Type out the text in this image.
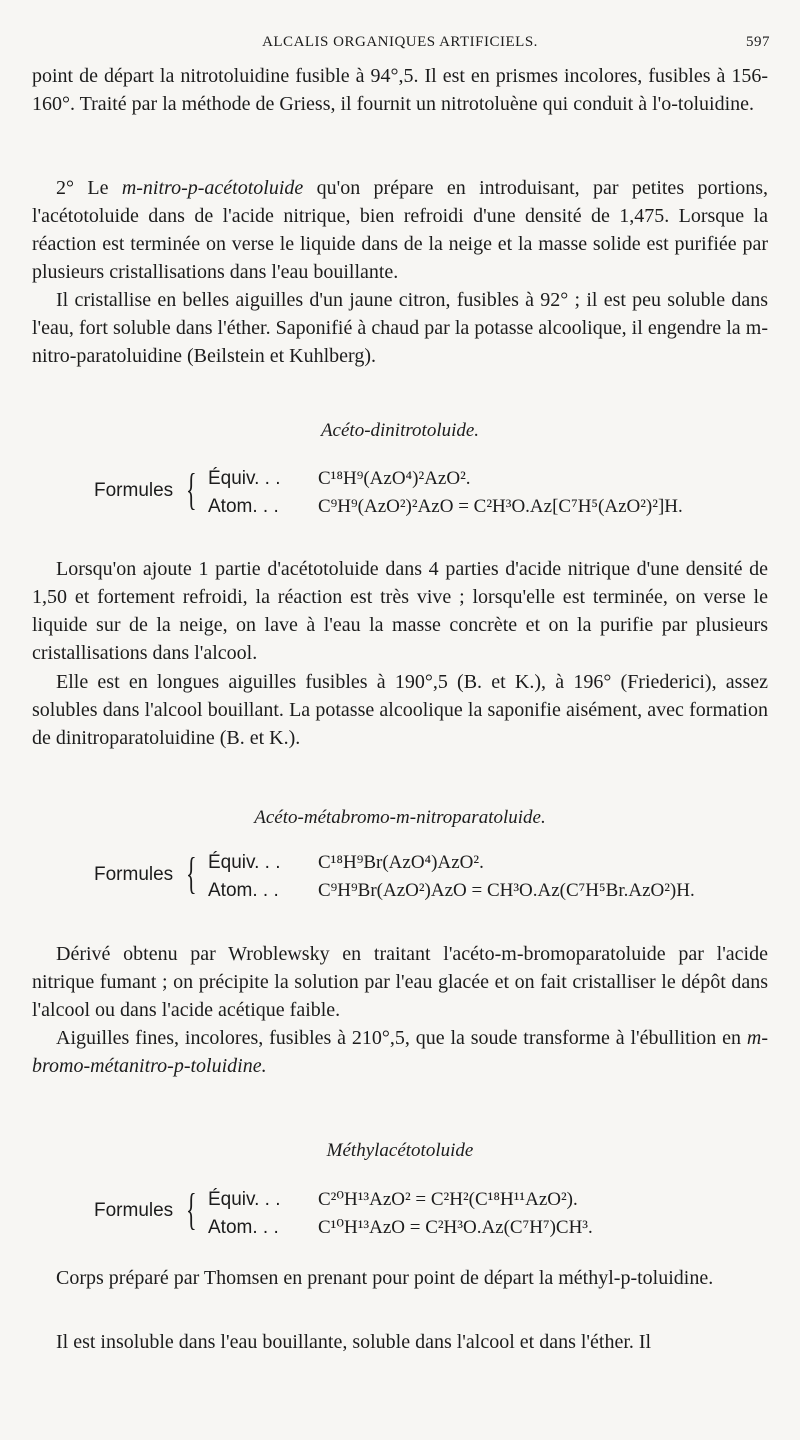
ALCALIS ORGANIQUES ARTIFICIELS.	597

point de départ la nitrotoluidine fusible à 94°,5. Il est en prismes incolores, fusibles à 156-160°. Traité par la méthode de Griess, il fournit un nitrotoluène qui conduit à l'o-toluidine.

2° Le m-nitro-p-acétotoluide qu'on prépare en introduisant, par petites portions, l'acétotoluide dans de l'acide nitrique, bien refroidi d'une densité de 1,475. Lorsque la réaction est terminée on verse le liquide dans de la neige et la masse solide est purifiée par plusieurs cristallisations dans l'eau bouillante.

Il cristallise en belles aiguilles d'un jaune citron, fusibles à 92° ; il est peu soluble dans l'eau, fort soluble dans l'éther. Saponifié à chaud par la potasse alcoolique, il engendre la m-nitro-paratoluidine (Beilstein et Kuhlberg).

Acéto-dinitrotoluide.
Formules { Équiv. . . C¹⁸H⁹(AzO⁴)²AzO².
Atom. . . C⁹H⁹(AzO²)²AzO = C²H³O.Az[C⁷H⁵(AzO²)²]H.

Lorsqu'on ajoute 1 partie d'acétotoluide dans 4 parties d'acide nitrique d'une densité de 1,50 et fortement refroidi, la réaction est très vive ; lorsqu'elle est terminée, on verse le liquide sur de la neige, on lave à l'eau la masse concrète et on la purifie par plusieurs cristallisations dans l'alcool.

Elle est en longues aiguilles fusibles à 190°,5 (B. et K.), à 196° (Friederici), assez solubles dans l'alcool bouillant. La potasse alcoolique la saponifie aisément, avec formation de dinitroparatoluidine (B. et K.).

Acéto-métabromo-m-nitroparatoluide.
Formules { Équiv. . . C¹⁸H⁹Br(AzO⁴)AzO².
Atom. . . C⁹H⁹Br(AzO²)AzO = CH³O.Az(C⁷H⁵Br.AzO²)H.

Dérivé obtenu par Wroblewsky en traitant l'acéto-m-bromoparatoluide par l'acide nitrique fumant ; on précipite la solution par l'eau glacée et on fait cristalliser le dépôt dans l'alcool ou dans l'acide acétique faible.

Aiguilles fines, incolores, fusibles à 210°,5, que la soude transforme à l'ébullition en m-bromo-métanitro-p-toluidine.

Méthylacétotoluide
Formules { Équiv. . . C²⁰H¹³AzO² = C²H²(C¹⁸H¹¹AzO²).
Atom. . . C¹⁰H¹³AzO = C²H³O.Az(C⁷H⁷)CH³.

Corps préparé par Thomsen en prenant pour point de départ la méthyl-p-toluidine.

Il est insoluble dans l'eau bouillante, soluble dans l'alcool et dans l'éther. Il
